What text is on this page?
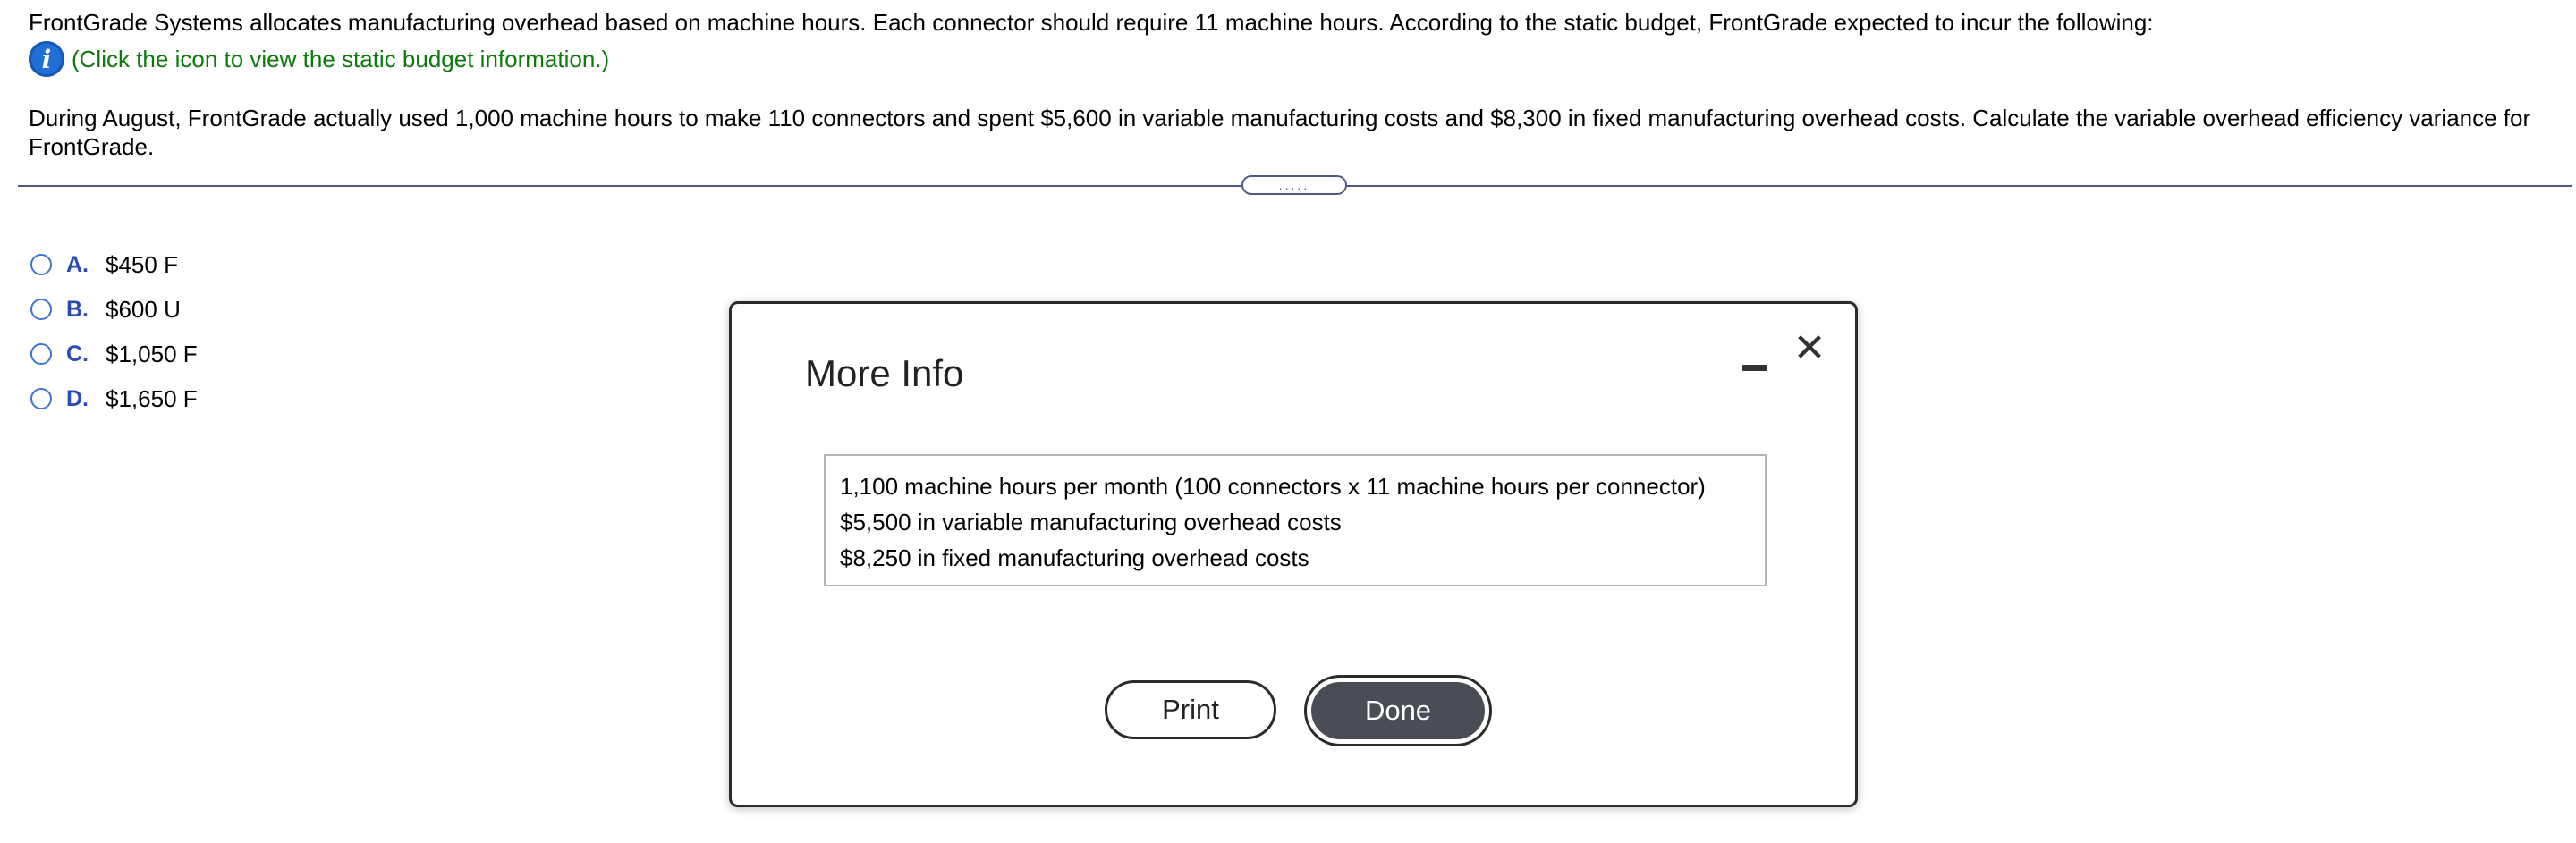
FrontGrade Systems allocates manufacturing overhead based on machine hours. Each connector should require 11 machine hours. According to the static budget, FrontGrade expected to incur the following:
i (Click the icon to view the static budget information.)
During August, FrontGrade actually used 1,000 machine hours to make 110 connectors and spent $5,600 in variable manufacturing costs and $8,300 in fixed manufacturing overhead costs. Calculate the variable overhead efficiency variance for FrontGrade.
.....
A. $450 F
B. $600 U
C. $1,050 F
D. $1,650 F
More Info
✕
1,100 machine hours per month (100 connectors x 11 machine hours per connector)
$5,500 in variable manufacturing overhead costs
$8,250 in fixed manufacturing overhead costs
Print	Done
